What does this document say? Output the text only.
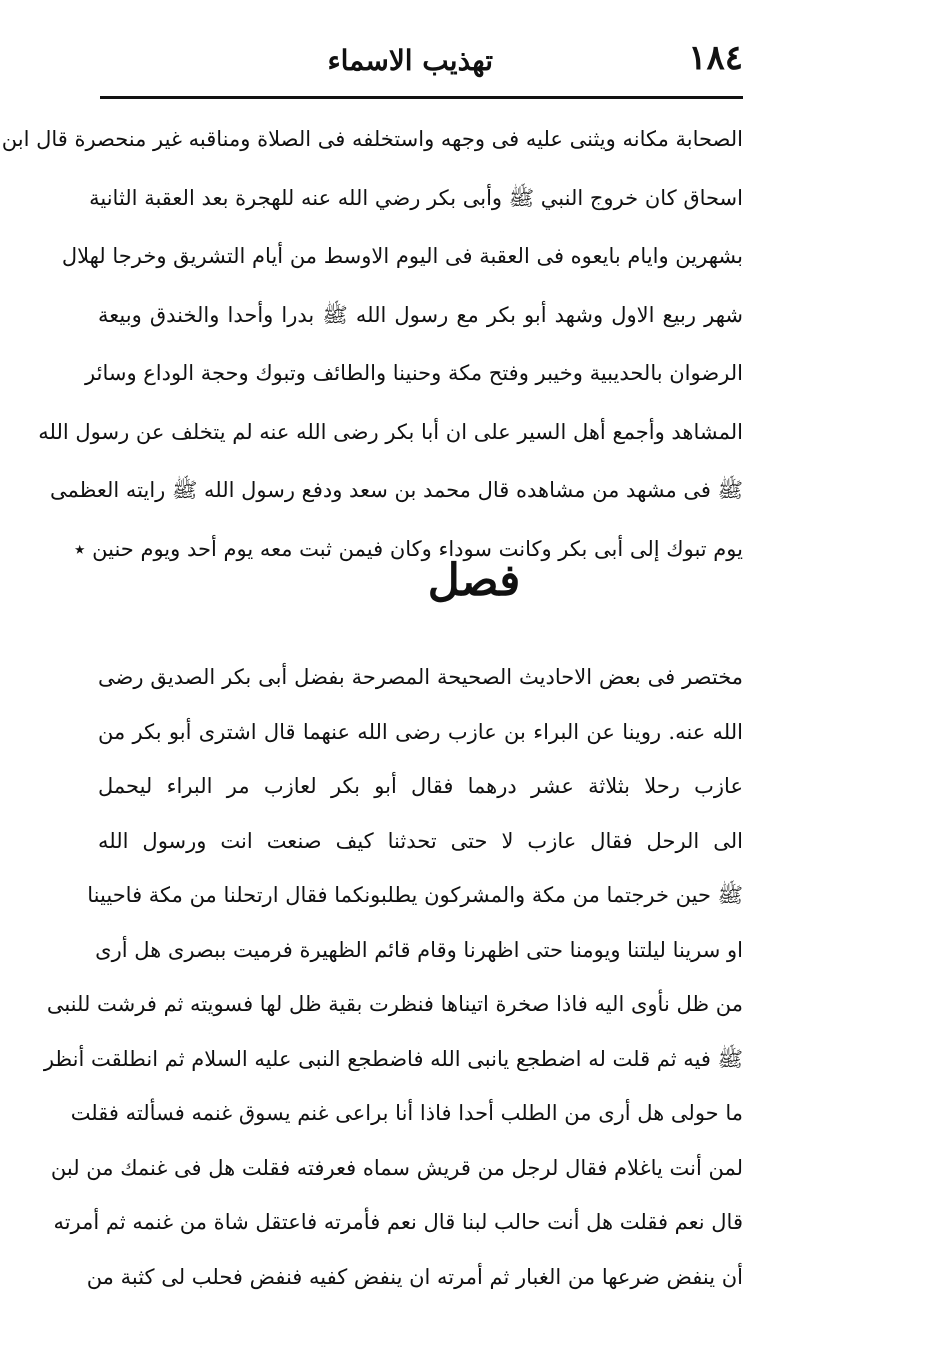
١٨٤
تهذيب الاسماء
الصحابة مكانه ويثنى عليه فى وجهه واستخلفه فى الصلاة ومناقبه غير منحصرة قال ابن
اسحاق كان خروج النبي ﷺ وأبى بكر رضي الله عنه للهجرة بعد العقبة الثانية
بشهرين وايام بايعوه فى العقبة فى اليوم الاوسط من أيام التشريق وخرجا لهلال
شهر ربيع الاول وشهد أبو بكر مع رسول الله ﷺ بدرا وأحدا والخندق وبيعة
الرضوان بالحديبية وخيبر وفتح مكة وحنينا والطائف وتبوك وحجة الوداع وسائر
المشاهد وأجمع أهل السير على ان أبا بكر رضى الله عنه لم يتخلف عن رسول الله
ﷺ فى مشهد من مشاهده قال محمد بن سعد ودفع رسول الله ﷺ رايته العظمى
يوم تبوك إلى أبى بكر وكانت سوداء وكان فيمن ثبت معه يوم أحد ويوم حنين ٭
فصل
مختصر فى بعض الاحاديث الصحيحة المصرحة بفضل أبى بكر الصديق رضى
الله عنه. روينا عن البراء بن عازب رضى الله عنهما قال اشترى أبو بكر من
عازب رحلا بثلاثة عشر درهما فقال أبو بكر لعازب مر البراء ليحمل
الى الرحل فقال عازب لا حتى تحدثنا كيف صنعت انت ورسول الله
ﷺ حين خرجتما من مكة والمشركون يطلبونكما فقال ارتحلنا من مكة فاحيينا
او سرينا ليلتنا ويومنا حتى اظهرنا وقام قائم الظهيرة فرميت ببصرى هل أرى
من ظل نأوى اليه فاذا صخرة اتيناها فنظرت بقية ظل لها فسويته ثم فرشت للنبى
ﷺ فيه ثم قلت له اضطجع يانبى الله فاضطجع النبى عليه السلام ثم انطلقت أنظر
ما حولى هل أرى من الطلب أحدا فاذا أنا براعى غنم يسوق غنمه فسألته فقلت
لمن أنت ياغلام فقال لرجل من قريش سماه فعرفته فقلت هل فى غنمك من لبن
قال نعم فقلت هل أنت حالب لبنا قال نعم فأمرته فاعتقل شاة من غنمه ثم أمرته
أن ينفض ضرعها من الغبار ثم أمرته ان ينفض كفيه فنفض فحلب لى كثبة من
